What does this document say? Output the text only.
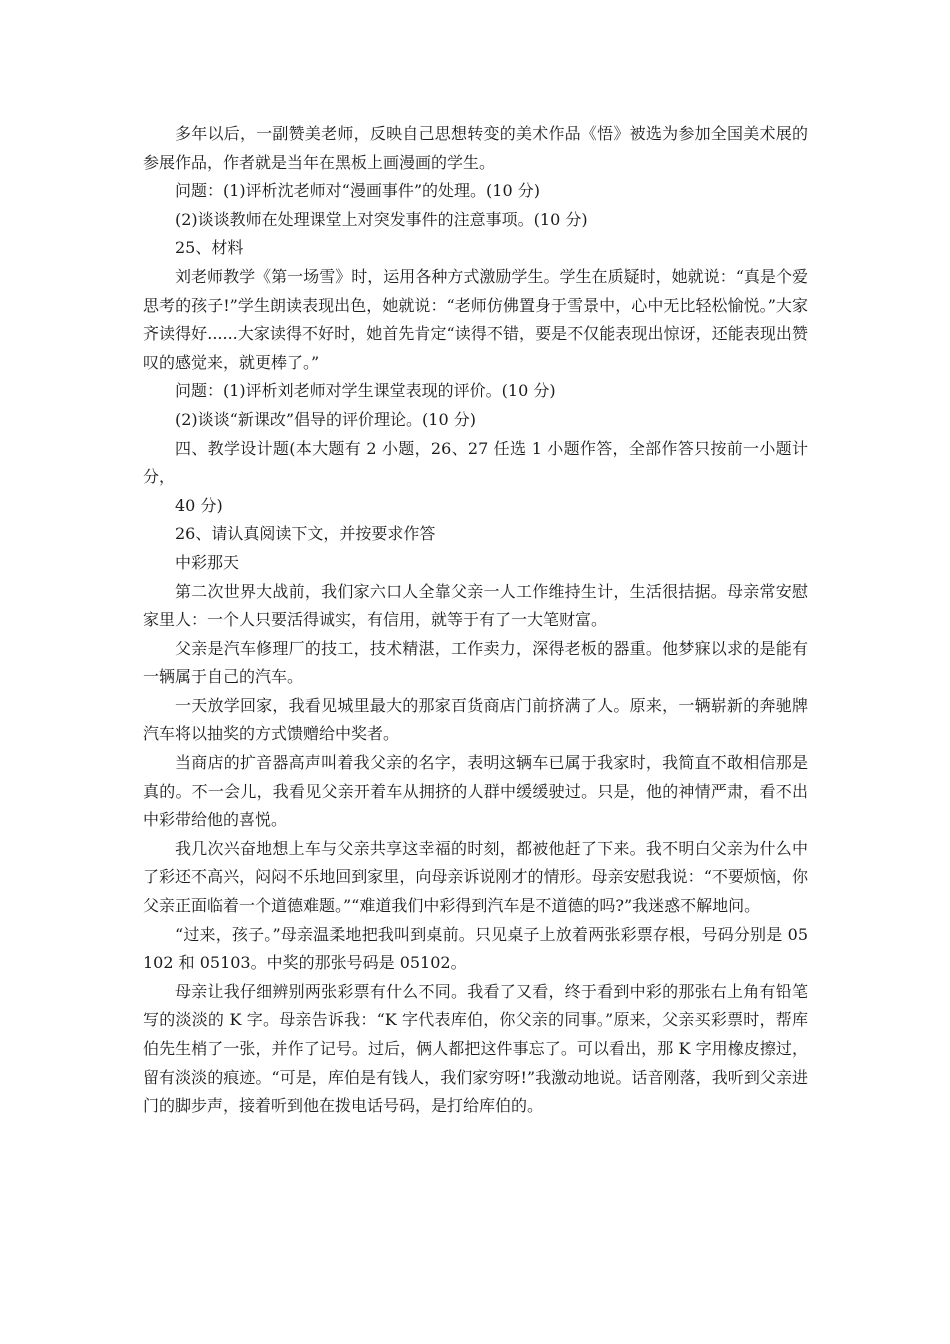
多年以后，一副赞美老师，反映自己思想转变的美术作品《悟》被选为参加全国美术展的参展作品，作者就是当年在黑板上画漫画的学生。

问题：(1)评析沈老师对“漫画事件”的处理。(10 分)

(2)谈谈教师在处理课堂上对突发事件的注意事项。(10 分)

25、材料

刘老师教学《第一场雪》时，运用各种方式激励学生。学生在质疑时，她就说：“真是个爱思考的孩子!”学生朗读表现出色，她就说：“老师仿佛置身于雪景中，心中无比轻松愉悦。”大家齐读得好......大家读得不好时，她首先肯定“读得不错，要是不仅能表现出惊讶，还能表现出赞叹的感觉来，就更棒了。”

问题：(1)评析刘老师对学生课堂表现的评价。(10 分)

(2)谈谈“新课改”倡导的评价理论。(10 分)

四、教学设计题(本大题有 2 小题，26、27 任选 1 小题作答，全部作答只按前一小题计分，

40 分)

26、请认真阅读下文，并按要求作答

中彩那天

第二次世界大战前，我们家六口人全靠父亲一人工作维持生计，生活很拮据。母亲常安慰家里人：一个人只要活得诚实，有信用，就等于有了一大笔财富。

父亲是汽车修理厂的技工，技术精湛，工作卖力，深得老板的器重。他梦寐以求的是能有一辆属于自己的汽车。

一天放学回家，我看见城里最大的那家百货商店门前挤满了人。原来，一辆崭新的奔驰牌汽车将以抽奖的方式馈赠给中奖者。

当商店的扩音器高声叫着我父亲的名字，表明这辆车已属于我家时，我简直不敢相信那是真的。不一会儿，我看见父亲开着车从拥挤的人群中缓缓驶过。只是，他的神情严肃，看不出中彩带给他的喜悦。

我几次兴奋地想上车与父亲共享这幸福的时刻，都被他赶了下来。我不明白父亲为什么中了彩还不高兴，闷闷不乐地回到家里，向母亲诉说刚才的情形。母亲安慰我说：“不要烦恼，你父亲正面临着一个道德难题。”“难道我们中彩得到汽车是不道德的吗?”我迷惑不解地问。

“过来，孩子。”母亲温柔地把我叫到桌前。只见桌子上放着两张彩票存根，号码分别是 05102 和 05103。中奖的那张号码是 05102。

母亲让我仔细辨别两张彩票有什么不同。我看了又看，终于看到中彩的那张右上角有铅笔写的淡淡的 K 字。母亲告诉我：“K 字代表库伯，你父亲的同事。”原来，父亲买彩票时，帮库伯先生梢了一张，并作了记号。过后，俩人都把这件事忘了。可以看出，那 K 字用橡皮擦过，留有淡淡的痕迹。“可是，库伯是有钱人，我们家穷呀!”我激动地说。话音刚落，我听到父亲进门的脚步声，接着听到他在拨电话号码，是打给库伯的。
